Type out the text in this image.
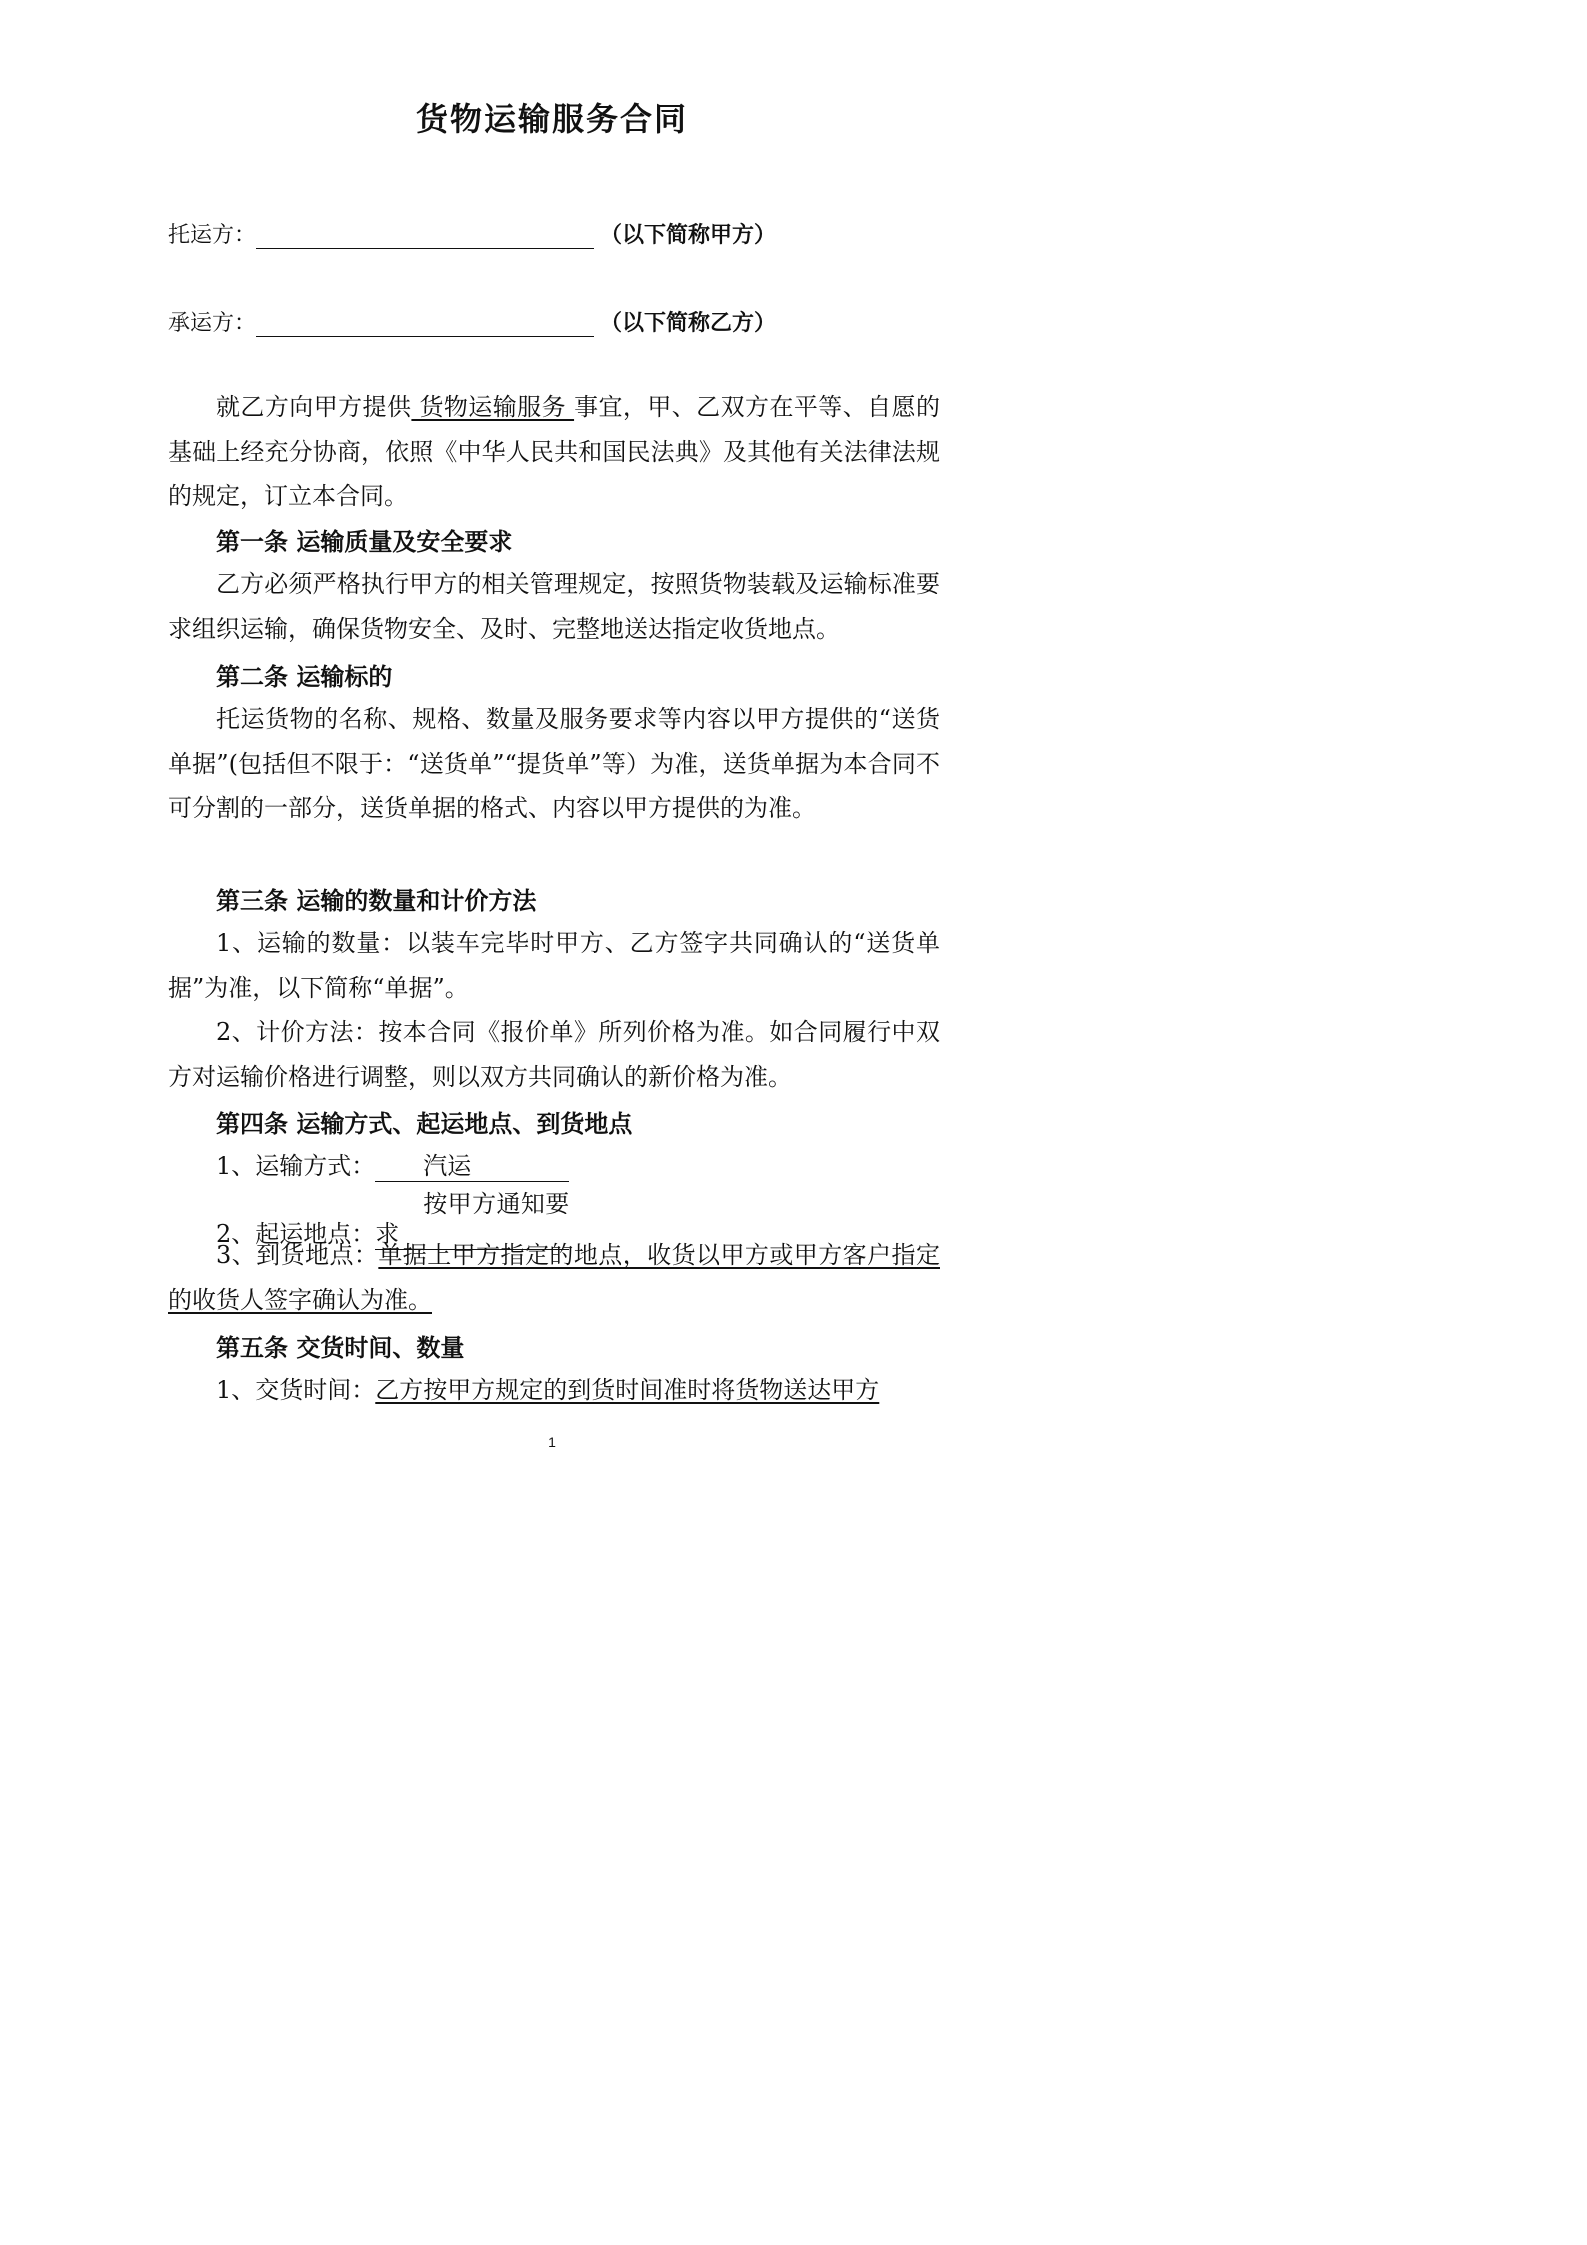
货物运输服务合同
托运方：	（以下简称甲方）
承运方：	（以下简称乙方）

就乙方向甲方提供 货物运输服务 事宜，甲、乙双方在平等、自愿的基础上经充分协商，依照《中华人民共和国民法典》及其他有关法律法规的规定，订立本合同。

第一条 运输质量及安全要求

乙方必须严格执行甲方的相关管理规定，按照货物装载及运输标准要求组织运输，确保货物安全、及时、完整地送达指定收货地点。

第二条 运输标的

托运货物的名称、规格、数量及服务要求等内容以甲方提供的“送货单据”(包括但不限于：“送货单”“提货单”等）为准，送货单据为本合同不可分割的一部分，送货单据的格式、内容以甲方提供的为准。

第三条 运输的数量和计价方法

1、运输的数量：以装车完毕时甲方、乙方签字共同确认的“送货单据”为准，以下简称“单据”。

2、计价方法：按本合同《报价单》所列价格为准。如合同履行中双方对运输价格进行调整，则以双方共同确认的新价格为准。

第四条 运输方式、起运地点、到货地点

1、运输方式： 汽运

2、起运地点：按甲方通知要求

3、到货地点：单据上甲方指定的地点，收货以甲方或甲方客户指定的收货人签字确认为准。

第五条 交货时间、数量

1、交货时间：乙方按甲方规定的到货时间准时将货物送达甲方

1
